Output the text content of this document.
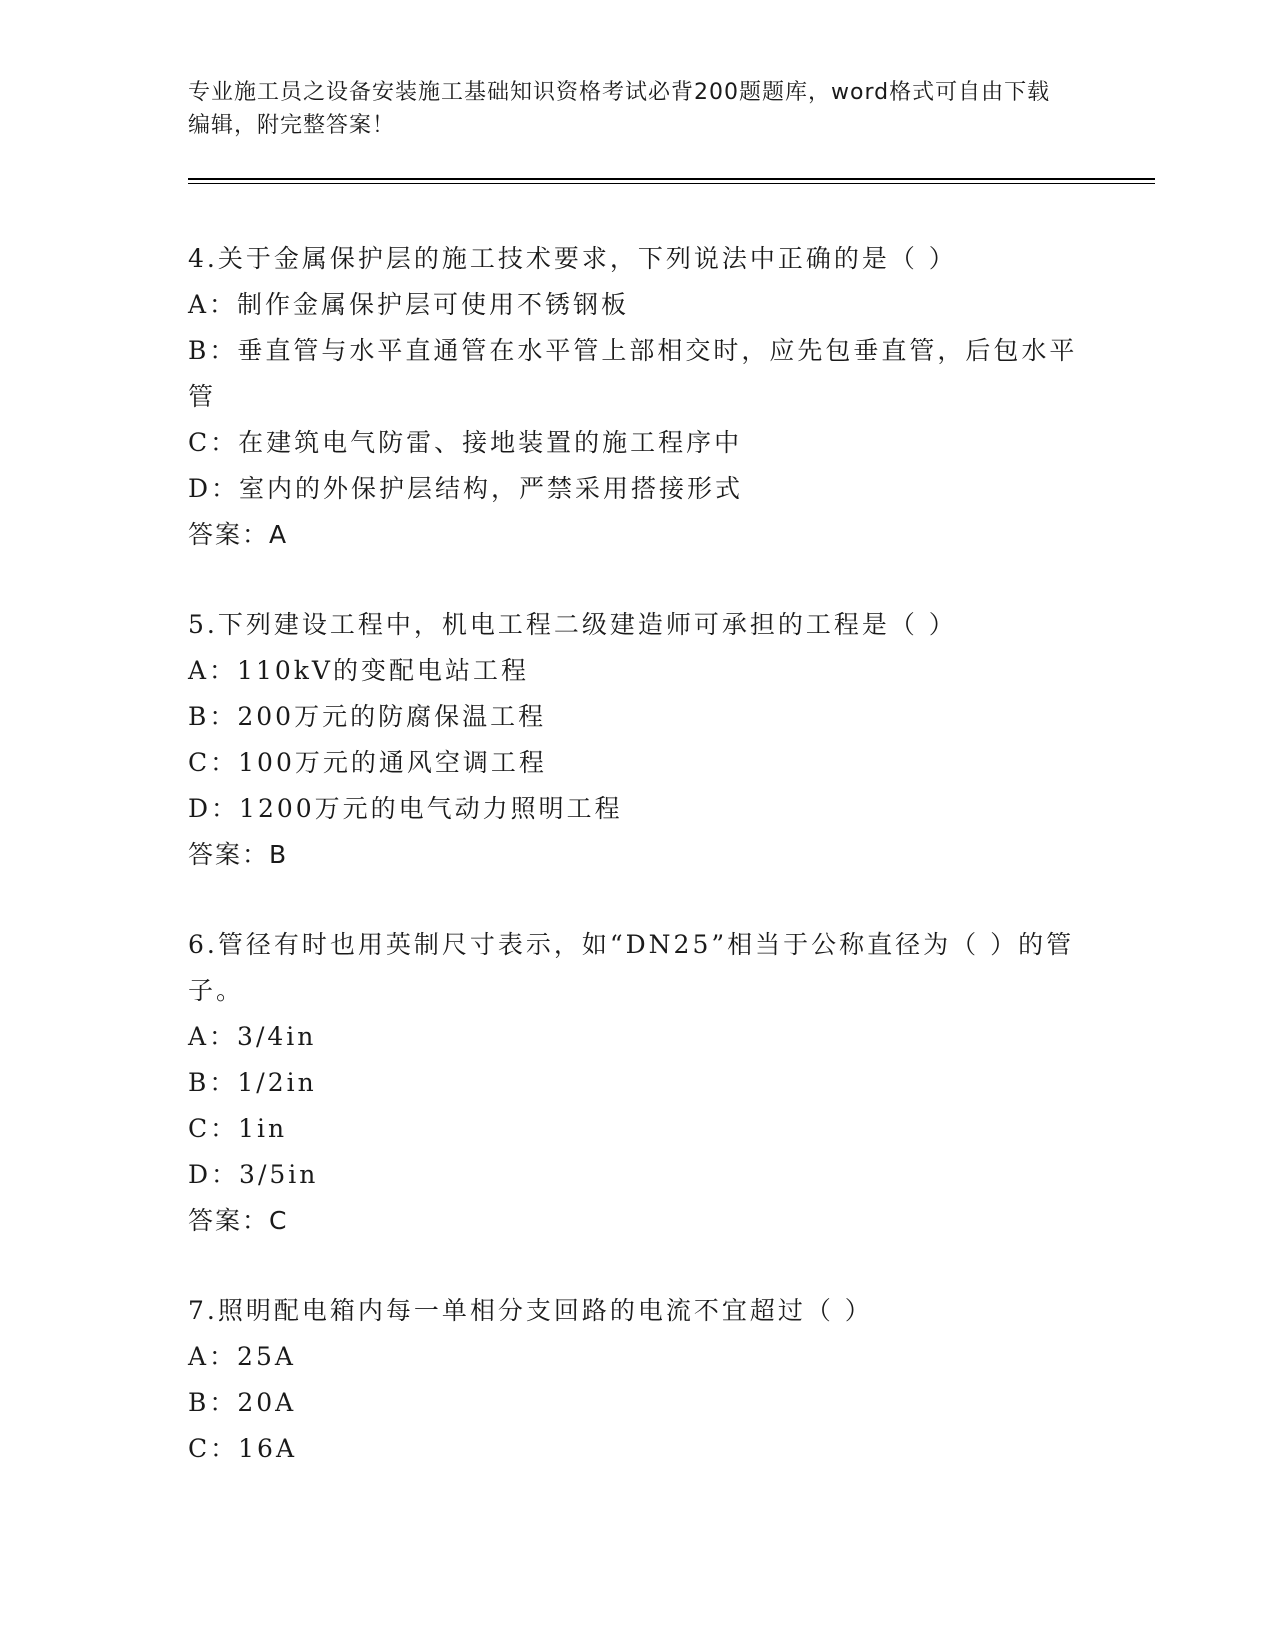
专业施工员之设备安装施工基础知识资格考试必背200题题库，word格式可自由下载编辑，附完整答案！
4.关于金属保护层的施工技术要求，下列说法中正确的是（ ）
A：制作金属保护层可使用不锈钢板
B：垂直管与水平直通管在水平管上部相交时，应先包垂直管，后包水平管
C：在建筑电气防雷、接地装置的施工程序中
D：室内的外保护层结构，严禁采用搭接形式
答案：A
5.下列建设工程中，机电工程二级建造师可承担的工程是（ ）
A：110kV的变配电站工程
B：200万元的防腐保温工程
C：100万元的通风空调工程
D：1200万元的电气动力照明工程
答案：B
6.管径有时也用英制尺寸表示，如“DN25”相当于公称直径为（ ）的管子。
A：3/4in
B：1/2in
C：1in
D：3/5in
答案：C
7.照明配电箱内每一单相分支回路的电流不宜超过（ ）
A：25A
B：20A
C：16A
